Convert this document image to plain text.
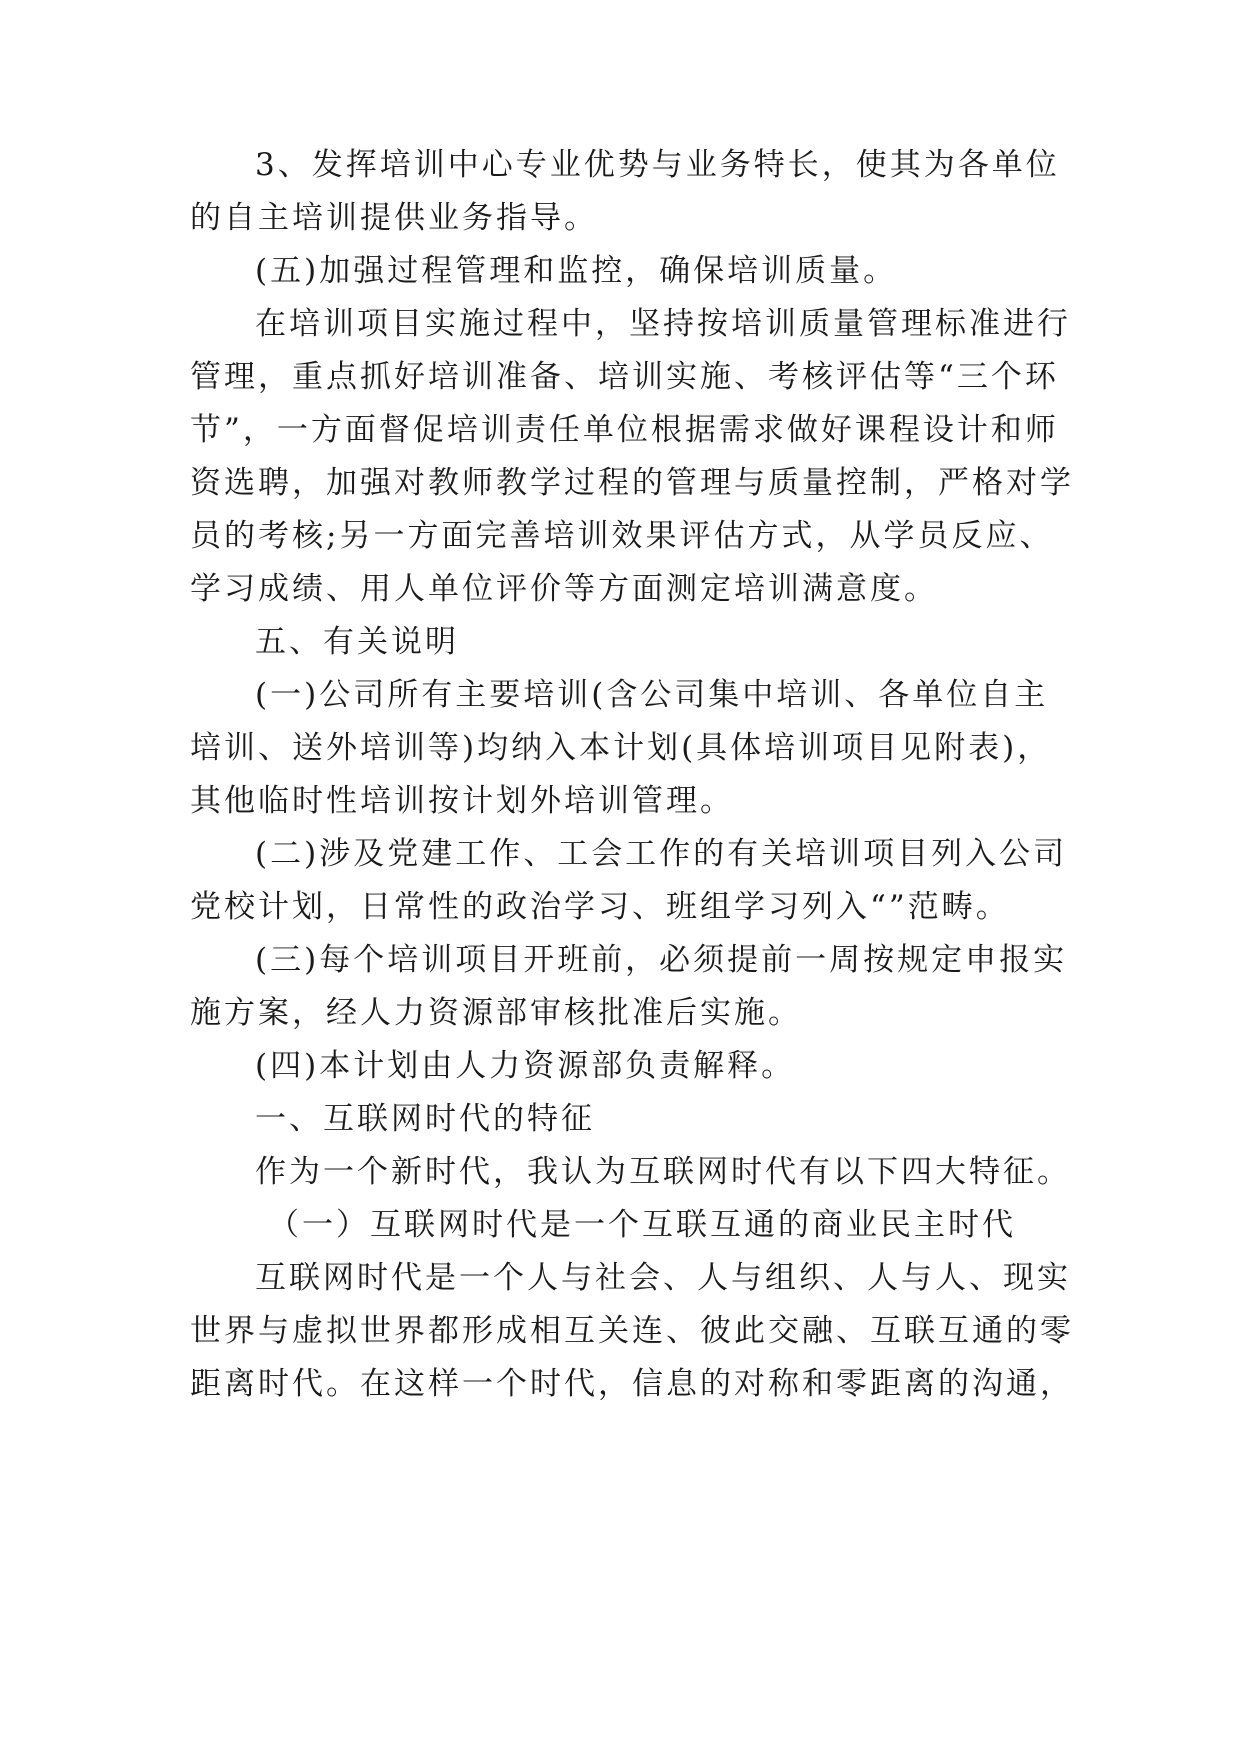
3、发挥培训中心专业优势与业务特长，使其为各单位
的自主培训提供业务指导。
(五)加强过程管理和监控，确保培训质量。
在培训项目实施过程中，坚持按培训质量管理标准进行
管理，重点抓好培训准备、培训实施、考核评估等“三个环
节”，一方面督促培训责任单位根据需求做好课程设计和师
资选聘，加强对教师教学过程的管理与质量控制，严格对学
员的考核;另一方面完善培训效果评估方式，从学员反应、
学习成绩、用人单位评价等方面测定培训满意度。
五、有关说明
(一)公司所有主要培训(含公司集中培训、各单位自主
培训、送外培训等)均纳入本计划(具体培训项目见附表)，
其他临时性培训按计划外培训管理。
(二)涉及党建工作、工会工作的有关培训项目列入公司
党校计划，日常性的政治学习、班组学习列入“”范畴。
(三)每个培训项目开班前，必须提前一周按规定申报实
施方案，经人力资源部审核批准后实施。
(四)本计划由人力资源部负责解释。
一、互联网时代的特征
作为一个新时代，我认为互联网时代有以下四大特征。
（一）互联网时代是一个互联互通的商业民主时代
互联网时代是一个人与社会、人与组织、人与人、现实
世界与虚拟世界都形成相互关连、彼此交融、互联互通的零
距离时代。在这样一个时代，信息的对称和零距离的沟通，
